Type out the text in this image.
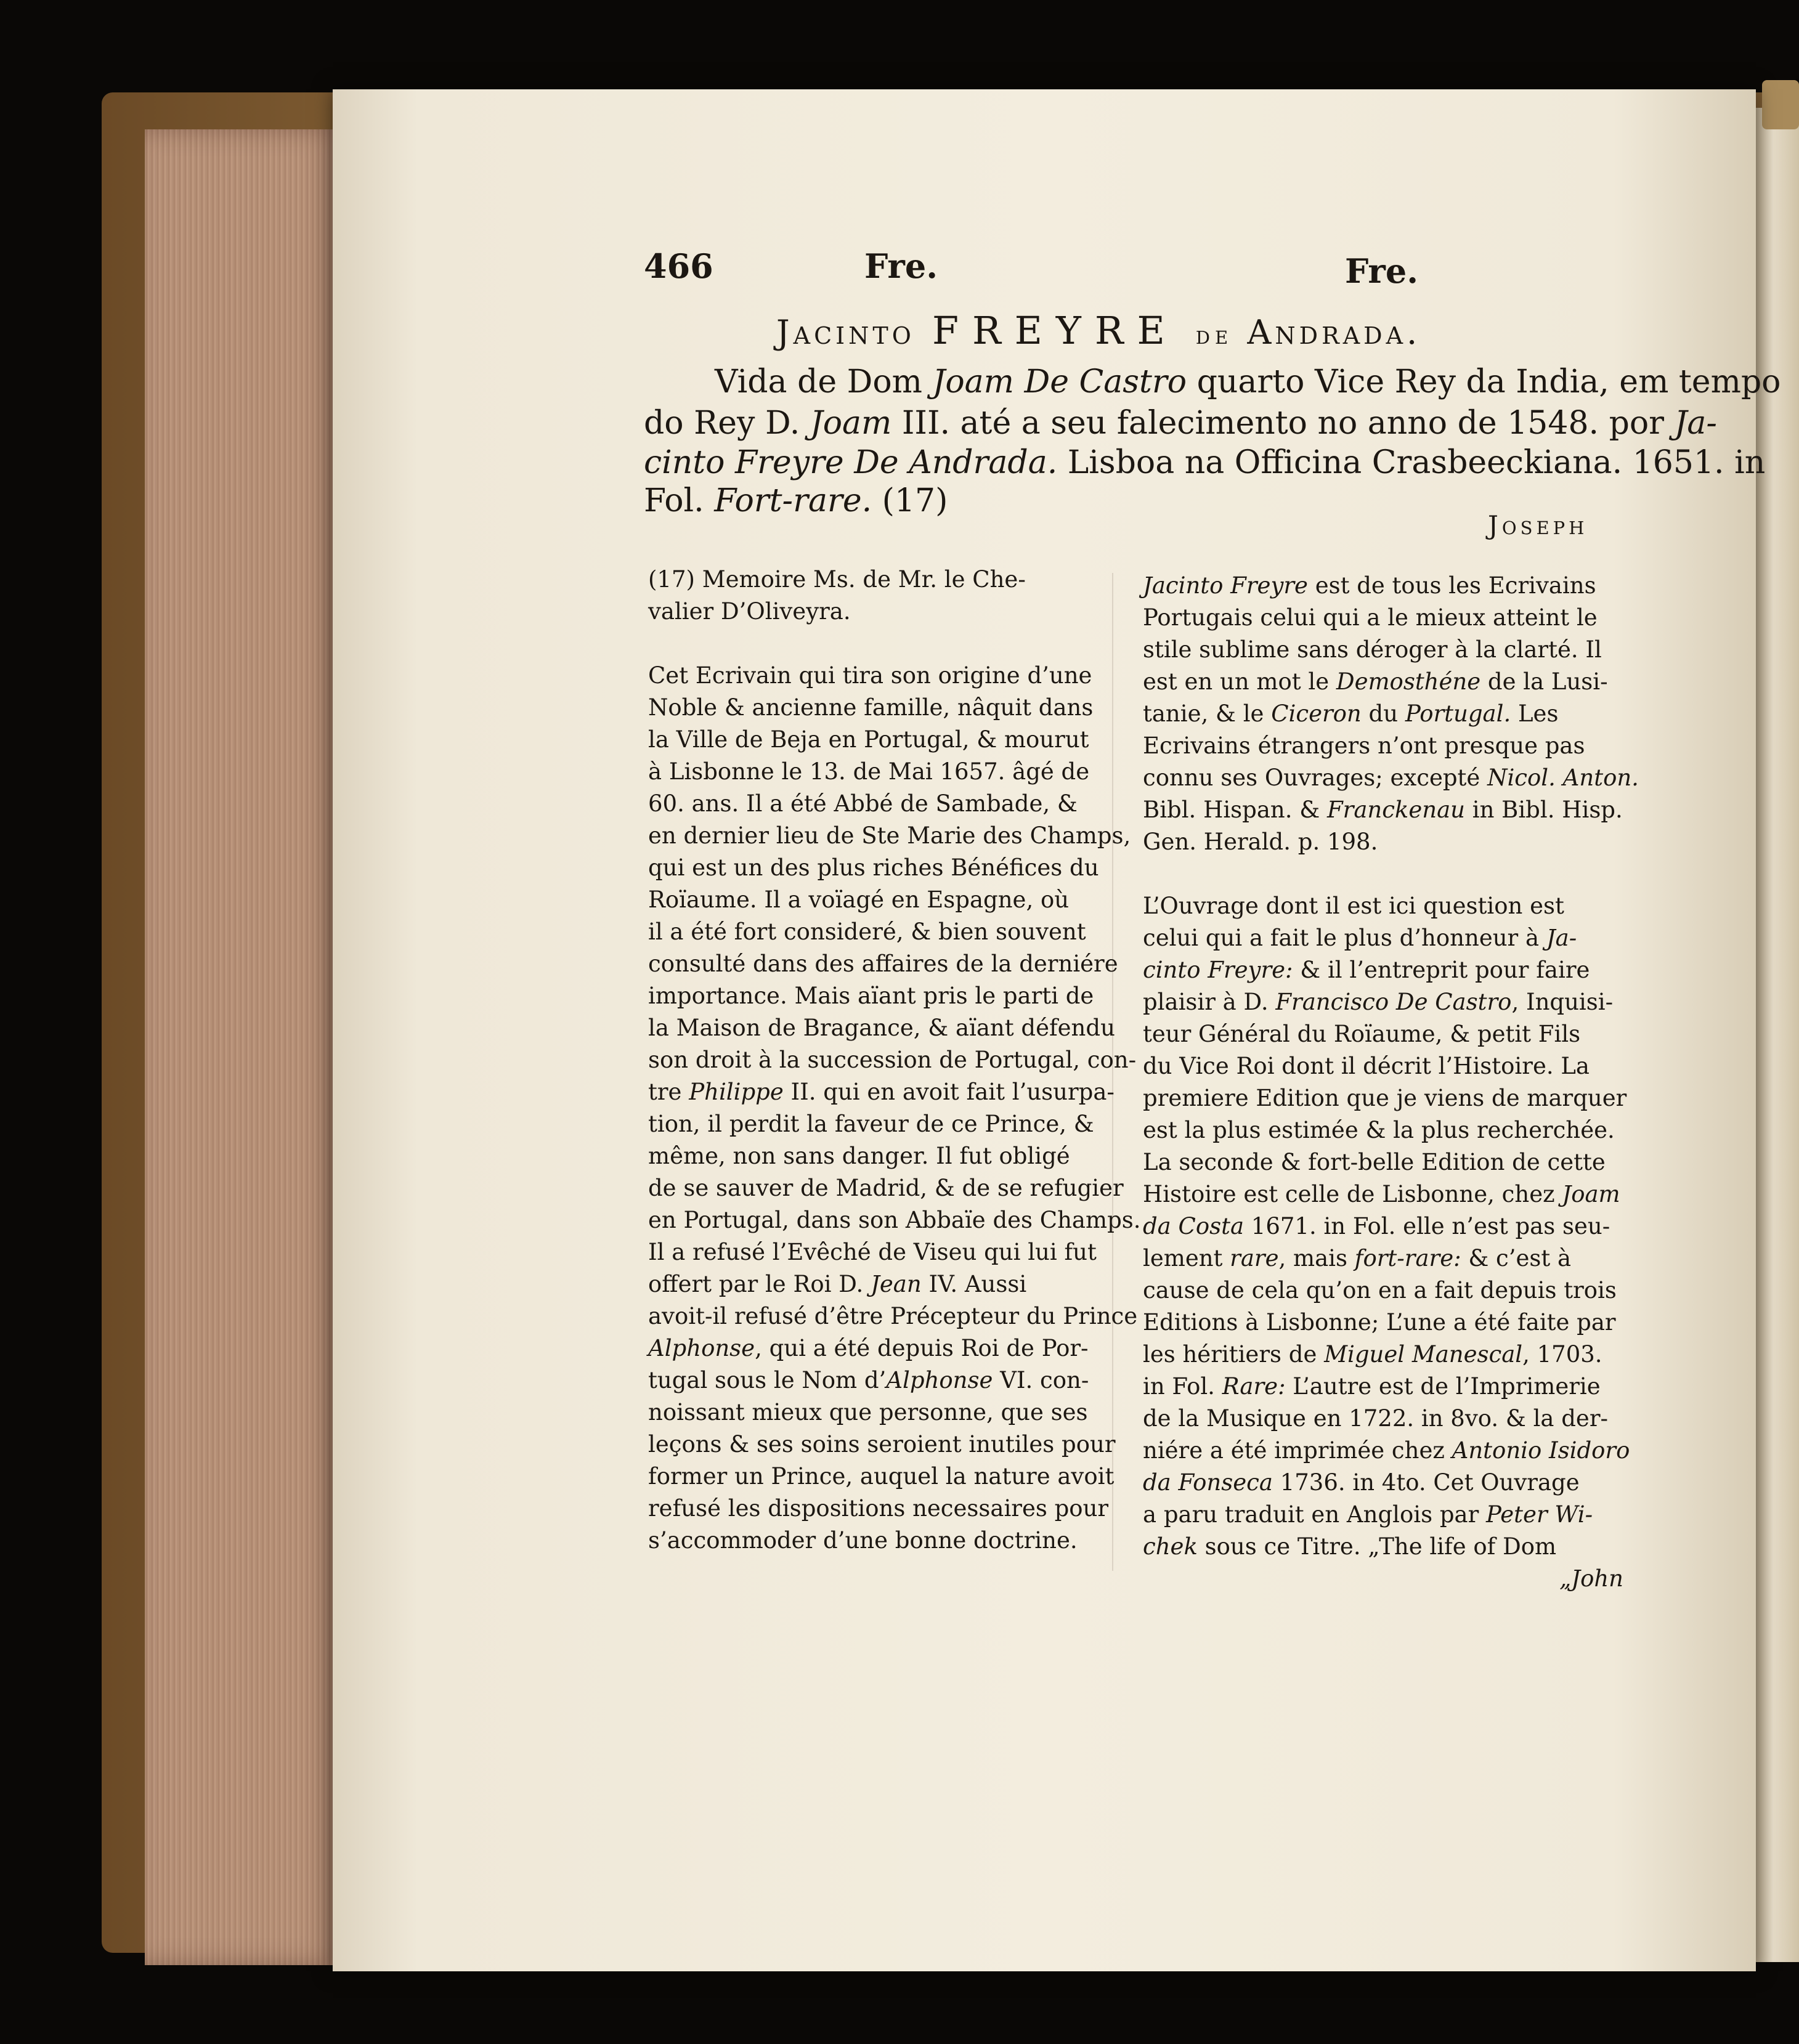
466	Fre.	Fre.

Jacinto FREYRE de Andrada.

Vida de Dom Joam De Castro quarto Vice Rey da India, em tempo

do Rey D. Joam III. até a seu falecimento no anno de 1548. por Ja-

cinto Freyre De Andrada. Lisboa na Officina Crasbeeckiana. 1651. in

Fol. Fort-rare. (17)

Joseph

(17) Memoire Ms. de Mr. le Che-

valier D’Oliveyra.

Cet Ecrivain qui tira son origine d’une

Noble & ancienne famille, nâquit dans

la Ville de Beja en Portugal, & mourut

à Lisbonne le 13. de Mai 1657. âgé de

60. ans. Il a été Abbé de Sambade, &

en dernier lieu de Ste Marie des Champs,

qui est un des plus riches Bénéfices du

Roïaume. Il a voïagé en Espagne, où

il a été fort consideré, & bien souvent

consulté dans des affaires de la derniére

importance. Mais aïant pris le parti de

la Maison de Bragance, & aïant défendu

son droit à la succession de Portugal, con-

tre Philippe II. qui en avoit fait l’usurpa-

tion, il perdit la faveur de ce Prince, &

même, non sans danger. Il fut obligé

de se sauver de Madrid, & de se refugier

en Portugal, dans son Abbaïe des Champs.

Il a refusé l’Evêché de Viseu qui lui fut

offert par le Roi D. Jean IV. Aussi

avoit-il refusé d’être Précepteur du Prince

Alphonse, qui a été depuis Roi de Por-

tugal sous le Nom d’Alphonse VI. con-

noissant mieux que personne, que ses

leçons & ses soins seroient inutiles pour

former un Prince, auquel la nature avoit

refusé les dispositions necessaires pour

s’accommoder d’une bonne doctrine.

Jacinto Freyre est de tous les Ecrivains

Portugais celui qui a le mieux atteint le

stile sublime sans déroger à la clarté. Il

est en un mot le Demosthéne de la Lusi-

tanie, & le Ciceron du Portugal. Les

Ecrivains étrangers n’ont presque pas

connu ses Ouvrages; excepté Nicol. Anton.

Bibl. Hispan. & Franckenau in Bibl. Hisp.

Gen. Herald. p. 198.

L’Ouvrage dont il est ici question est

celui qui a fait le plus d’honneur à Ja-

cinto Freyre: & il l’entreprit pour faire

plaisir à D. Francisco De Castro, Inquisi-

teur Général du Roïaume, & petit Fils

du Vice Roi dont il décrit l’Histoire. La

premiere Edition que je viens de marquer

est la plus estimée & la plus recherchée.

La seconde & fort-belle Edition de cette

Histoire est celle de Lisbonne, chez Joam

da Costa 1671. in Fol. elle n’est pas seu-

lement rare, mais fort-rare: & c’est à

cause de cela qu’on en a fait depuis trois

Editions à Lisbonne; L’une a été faite par

les héritiers de Miguel Manescal, 1703.

in Fol. Rare: L’autre est de l’Imprimerie

de la Musique en 1722. in 8vo. & la der-

niére a été imprimée chez Antonio Isidoro

da Fonseca 1736. in 4to. Cet Ouvrage

a paru traduit en Anglois par Peter Wi-

chek sous ce Titre. „The life of Dom

„John
